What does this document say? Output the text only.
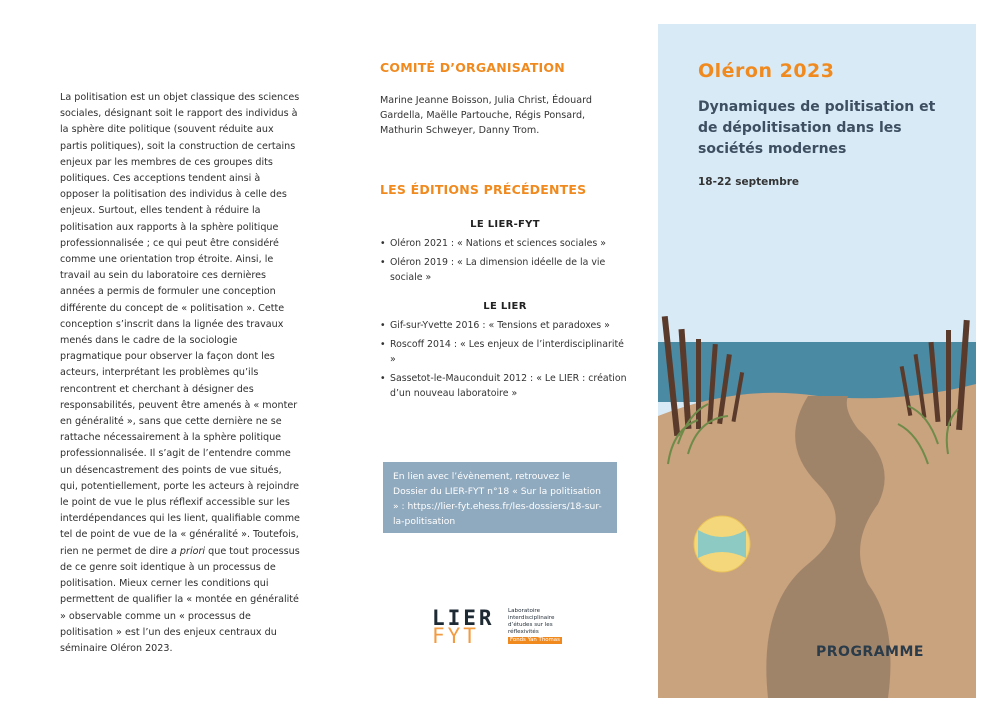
La politisation est un objet classique des sciences sociales, désignant soit le rapport des individus à la sphère dite politique (souvent réduite aux partis politiques), soit la construction de certains enjeux par les membres de ces groupes dits politiques. Ces acceptions tendent ainsi à opposer la politisation des individus à celle des enjeux. Surtout, elles tendent à réduire la politisation aux rapports à la sphère politique professionnalisée ; ce qui peut être considéré comme une orientation trop étroite. Ainsi, le travail au sein du laboratoire ces dernières années a permis de formuler une conception différente du concept de « politisation ». Cette conception s’inscrit dans la lignée des travaux menés dans le cadre de la sociologie pragmatique pour observer la façon dont les acteurs, interprétant les problèmes qu’ils rencontrent et cherchant à désigner des responsabilités, peuvent être amenés à « monter en généralité », sans que cette dernière ne se rattache nécessairement à la sphère politique professionnalisée. Il s’agit de l’entendre comme un désencastrement des points de vue situés, qui, potentiellement, porte les acteurs à rejoindre le point de vue le plus réflexif accessible sur les interdépendances qui les lient, qualifiable comme tel de point de vue de la « généralité ». Toutefois, rien ne permet de dire a priori que tout processus de ce genre soit identique à un processus de politisation. Mieux cerner les conditions qui permettent de qualifier la « montée en généralité » observable comme un « processus de politisation » est l’un des enjeux centraux du séminaire Oléron 2023.
COMITÉ D’ORGANISATION
Marine Jeanne Boisson, Julia Christ, Édouard Gardella, Maëlle Partouche, Régis Ponsard, Mathurin Schweyer, Danny Trom.
LES ÉDITIONS PRÉCÉDENTES
LE LIER-FYT
• Oléron 2021 : « Nations et sciences sociales »
• Oléron 2019 : « La dimension idéelle de la vie sociale »
LE LIER
• Gif-sur-Yvette 2016 : « Tensions et paradoxes »
• Roscoff 2014 : « Les enjeux de l’interdisciplinarité »
• Sassetot-le-Mauconduit 2012 : « Le LIER : création d’un nouveau laboratoire »
En lien avec l’évènement, retrouvez le Dossier du LIER-FYT n°18 « Sur la politisation » : https://lier-fyt.ehess.fr/les-dossiers/18-sur-la-politisation
LIER
FYT
Laboratoire
interdisciplinaire
d’études sur les
réflexivités
Fonds Yan Thomas
Oléron 2023
Dynamiques de politisation et de dépolitisation dans les sociétés modernes
18-22 septembre
PROGRAMME
